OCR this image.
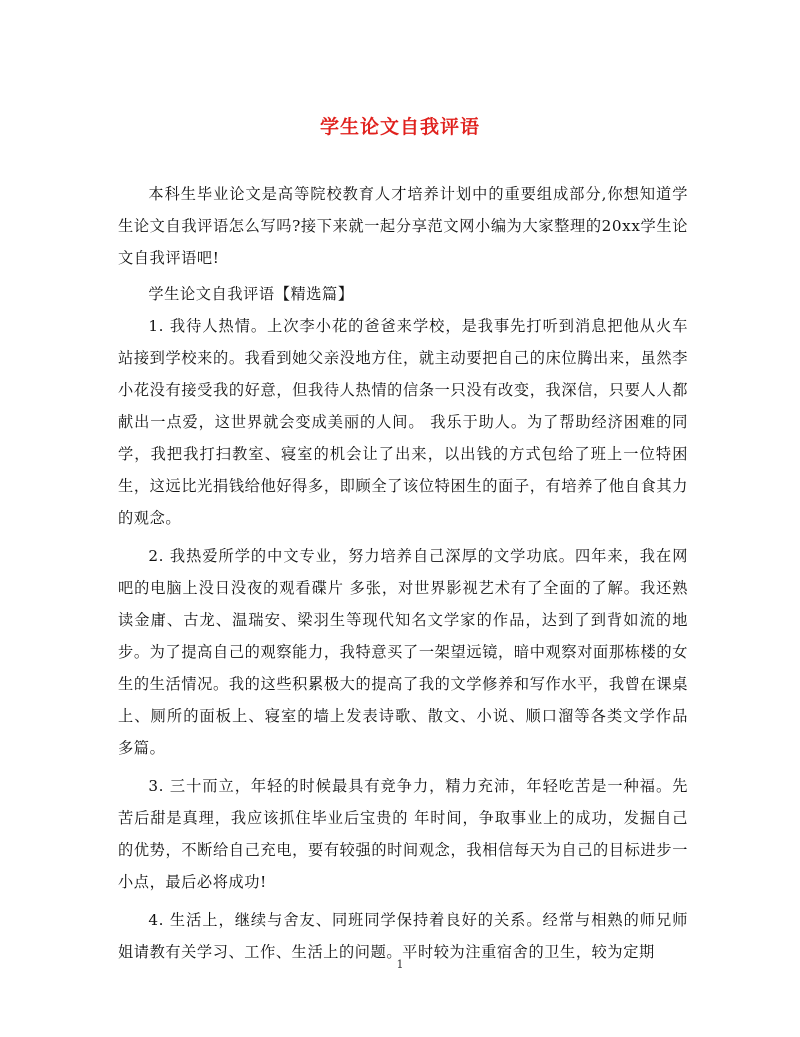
学生论文自我评语

本科生毕业论文是高等院校教育人才培养计划中的重要组成部分,你想知道学生论文自我评语怎么写吗?接下来就一起分享范文网小编为大家整理的20xx学生论文自我评语吧!

学生论文自我评语【精选篇】

1. 我待人热情。上次李小花的爸爸来学校，是我事先打听到消息把他从火车站接到学校来的。我看到她父亲没地方住，就主动要把自己的床位腾出来，虽然李小花没有接受我的好意，但我待人热情的信条一只没有改变，我深信，只要人人都献出一点爱，这世界就会变成美丽的人间。 我乐于助人。为了帮助经济困难的同学，我把我打扫教室、寝室的机会让了出来，以出钱的方式包给了班上一位特困生，这远比光捐钱给他好得多，即顾全了该位特困生的面子，有培养了他自食其力的观念。

2. 我热爱所学的中文专业，努力培养自己深厚的文学功底。四年来，我在网吧的电脑上没日没夜的观看碟片 多张，对世界影视艺术有了全面的了解。我还熟读金庸、古龙、温瑞安、梁羽生等现代知名文学家的作品，达到了到背如流的地步。为了提高自己的观察能力，我特意买了一架望远镜，暗中观察对面那栋楼的女生的生活情况。我的这些积累极大的提高了我的文学修养和写作水平，我曾在课桌上、厕所的面板上、寝室的墙上发表诗歌、散文、小说、顺口溜等各类文学作品 多篇。

3. 三十而立，年轻的时候最具有竞争力，精力充沛，年轻吃苦是一种福。先苦后甜是真理，我应该抓住毕业后宝贵的 年时间，争取事业上的成功，发掘自己的优势，不断给自己充电，要有较强的时间观念，我相信每天为自己的目标进步一小点，最后必将成功!

4. 生活上，继续与舍友、同班同学保持着良好的关系。经常与相熟的师兄师姐请教有关学习、工作、生活上的问题。平时较为注重宿舍的卫生，较为定期

1
